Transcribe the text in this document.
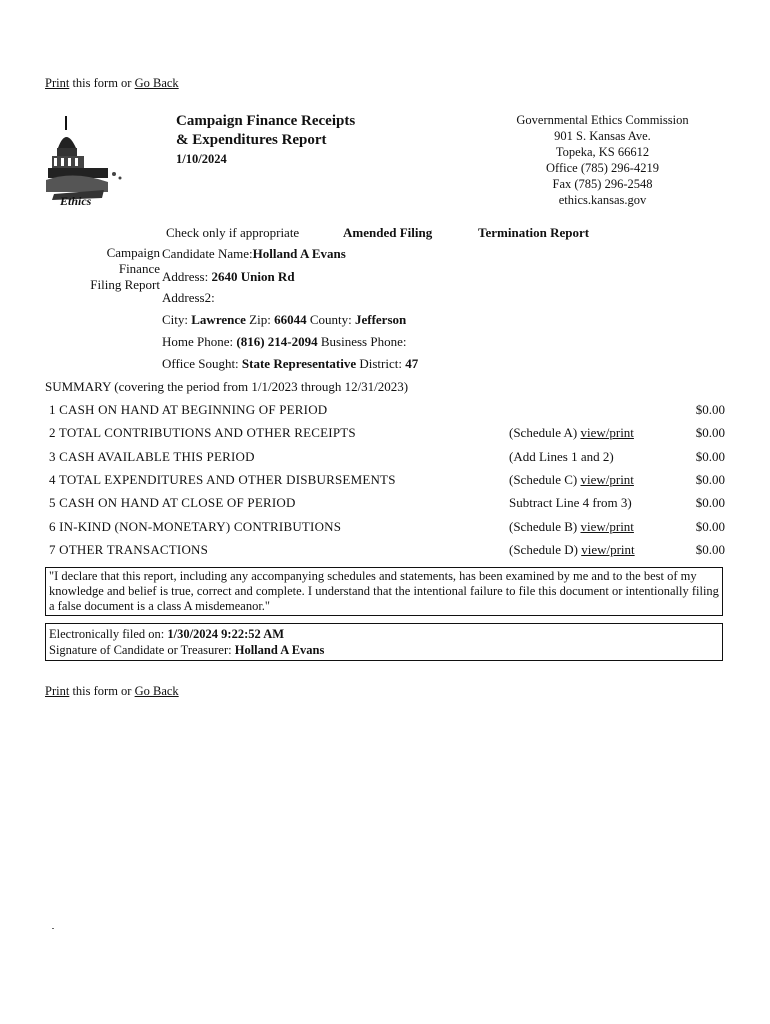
Print this form or Go Back
Ethics
Campaign Finance Receipts
& Expenditures Report
1/10/2024
Governmental Ethics Commission
901 S. Kansas Ave.
Topeka, KS 66612
Office (785) 296-4219
Fax (785) 296-2548
ethics.kansas.gov
Check only if appropriate	Amended Filing	Termination Report
Campaign
Finance
Filing Report
Candidate Name:Holland A Evans
Address: 2640 Union Rd
Address2:
City: Lawrence Zip: 66044 County: Jefferson
Home Phone: (816) 214-2094 Business Phone:
Office Sought: State Representative District: 47
SUMMARY (covering the period from 1/1/2023 through 12/31/2023)
1 CASH ON HAND AT BEGINNING OF PERIOD	$0.00
2 TOTAL CONTRIBUTIONS AND OTHER RECEIPTS	(Schedule A) view/print	$0.00
3 CASH AVAILABLE THIS PERIOD	(Add Lines 1 and 2)	$0.00
4 TOTAL EXPENDITURES AND OTHER DISBURSEMENTS	(Schedule C) view/print	$0.00
5 CASH ON HAND AT CLOSE OF PERIOD	Subtract Line 4 from 3)	$0.00
6 IN-KIND (NON-MONETARY) CONTRIBUTIONS	(Schedule B) view/print	$0.00
7 OTHER TRANSACTIONS	(Schedule D) view/print	$0.00
"I declare that this report, including any accompanying schedules and statements, has been examined by me and to the best of my knowledge and belief is true, correct and complete. I understand that the intentional failure to file this document or intentionally filing a false document is a class A misdemeanor."
Electronically filed on: 1/30/2024 9:22:52 AM
Signature of Candidate or Treasurer: Holland A Evans
Print this form or Go Back
